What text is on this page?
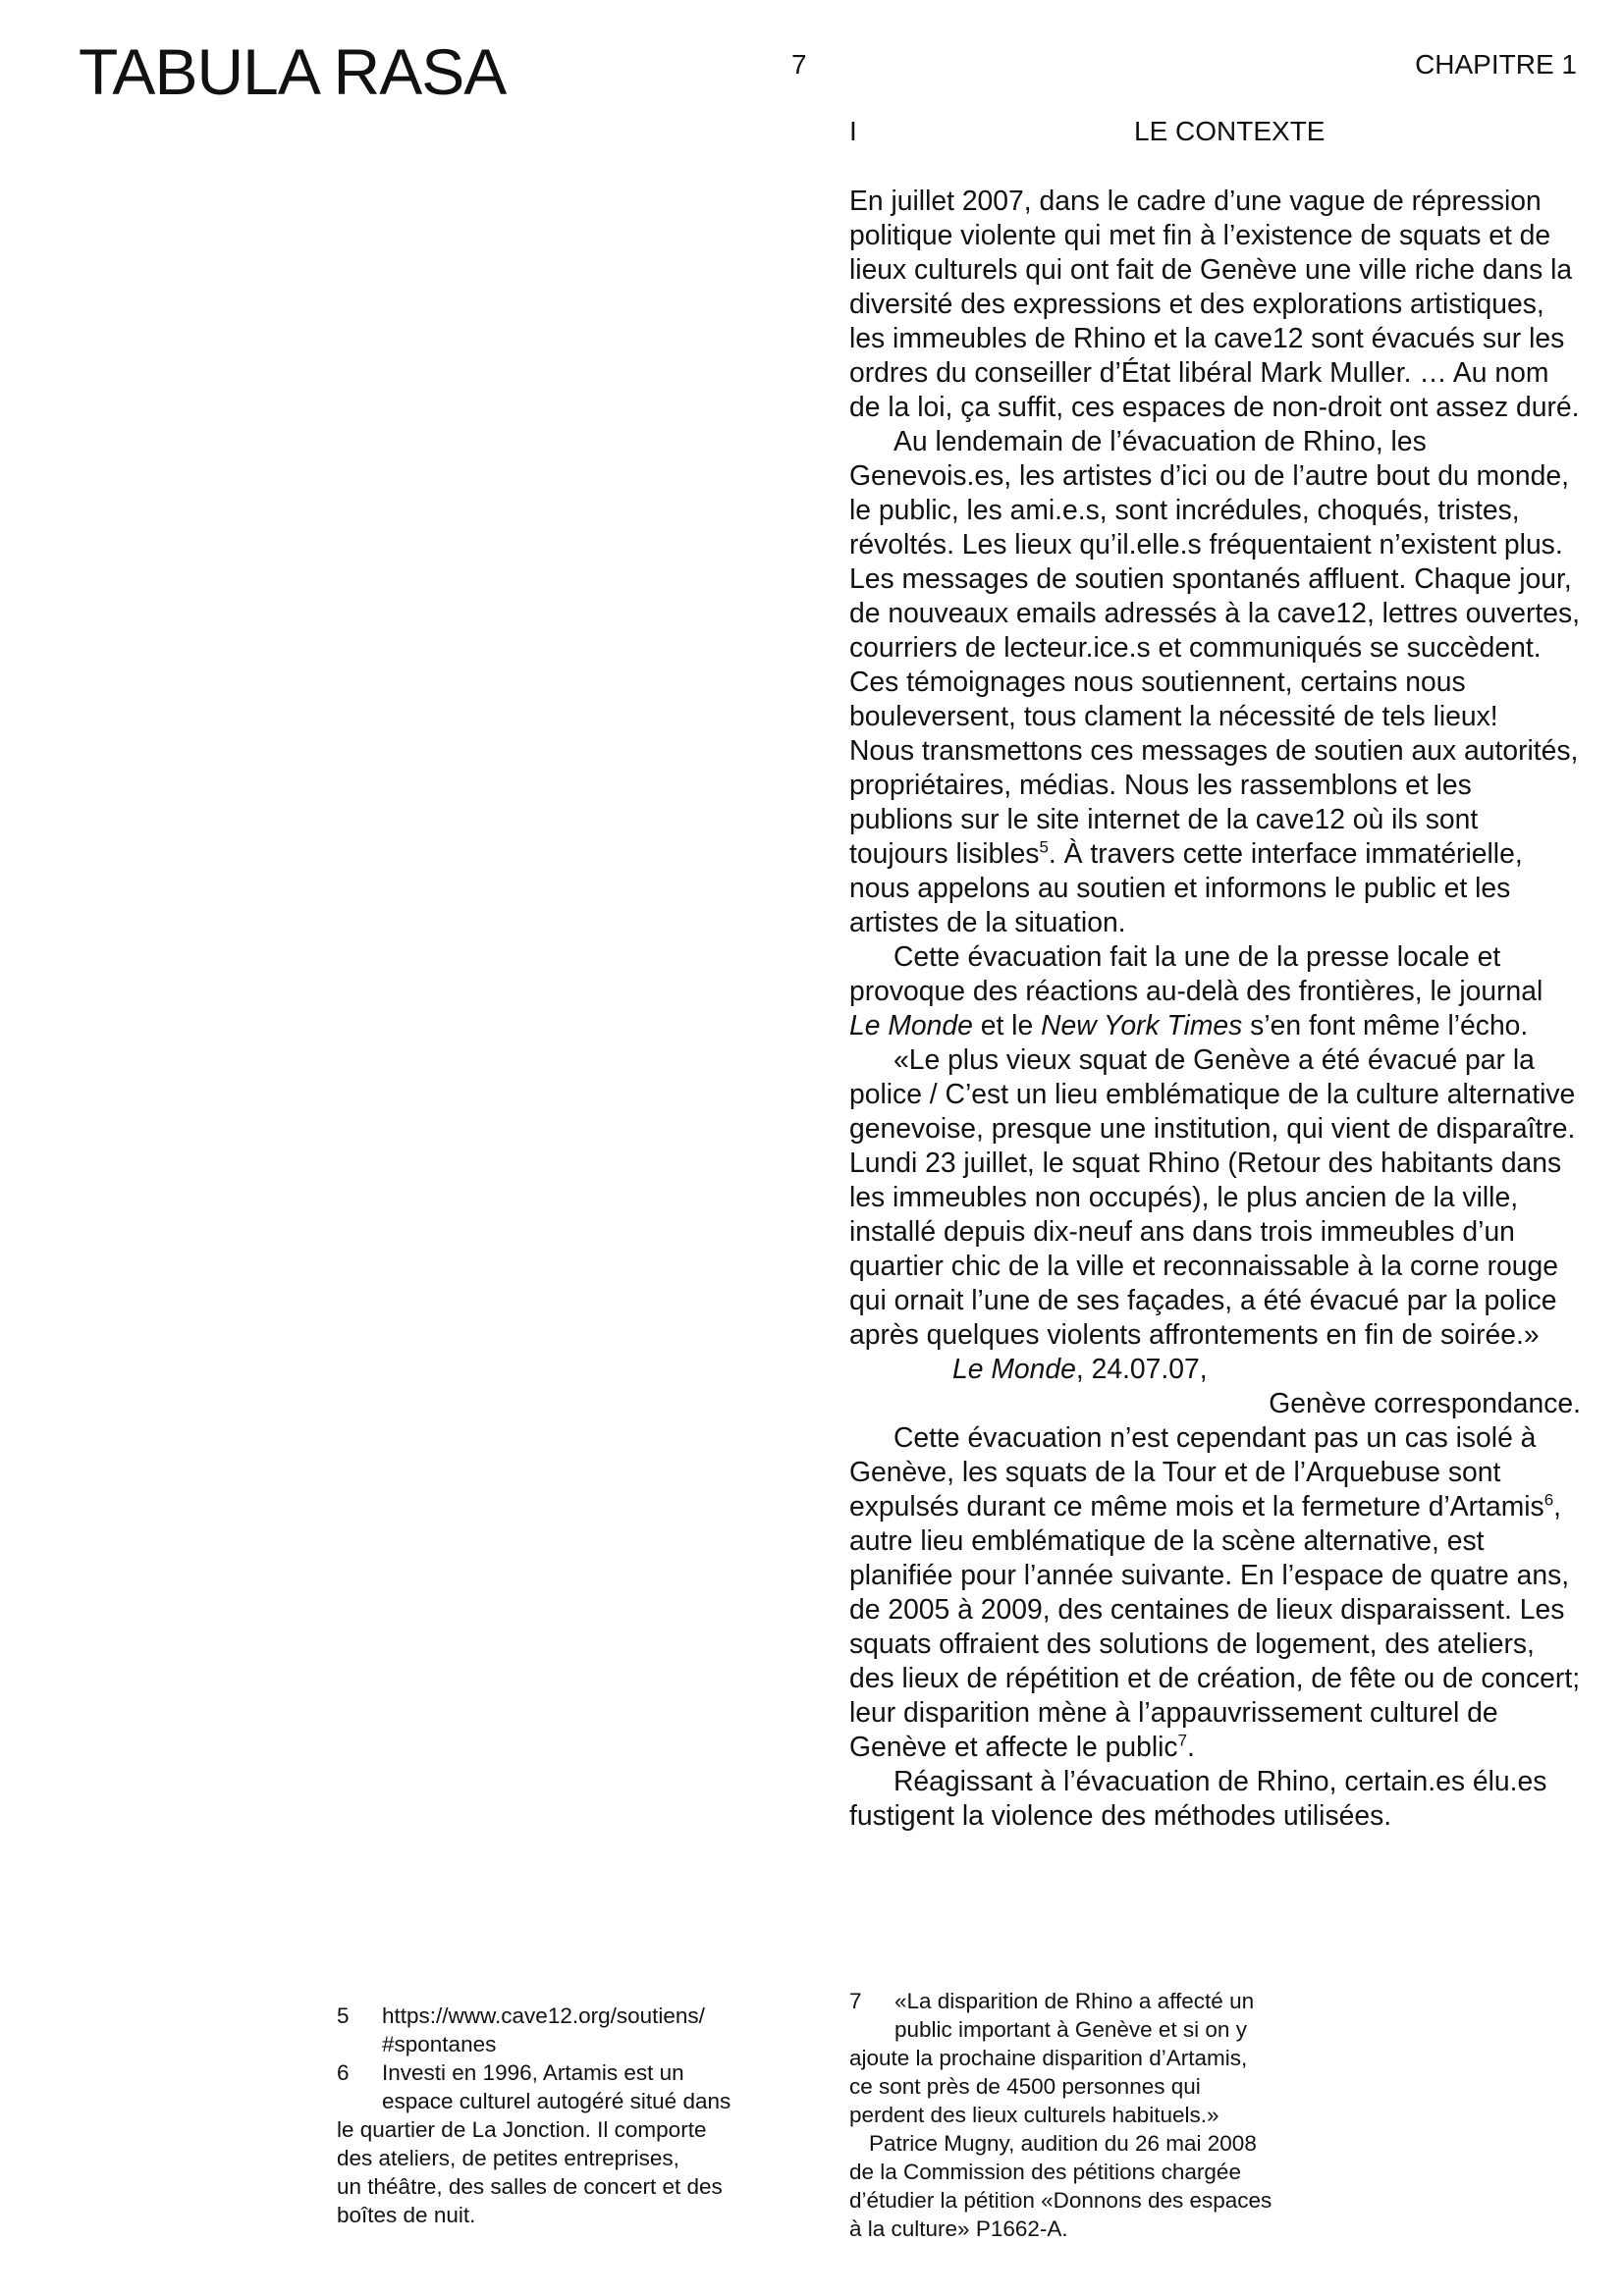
TABULA RASA	7	CHAPITRE 1
I	LE CONTEXTE

En juillet 2007, dans le cadre d’une vague de répression politique violente qui met fin à l’existence de squats et de lieux culturels qui ont fait de Genève une ville riche dans la diversité des expressions et des explorations artistiques, les immeubles de Rhino et la cave12 sont évacués sur les ordres du conseiller d’État libéral Mark Muller. … Au nom de la loi, ça suffit, ces espaces de non-droit ont assez duré.

Au lendemain de l’évacuation de Rhino, les Genevois.es, les artistes d’ici ou de l’autre bout du monde, le public, les ami.e.s, sont incrédules, choqués, tristes, révoltés. Les lieux qu’il.elle.s fréquentaient n’existent plus. Les messages de soutien spontanés affluent. Chaque jour, de nouveaux emails adressés à la cave12, lettres ouvertes, courriers de lecteur.ice.s et communiqués se succèdent. Ces témoignages nous soutiennent, certains nous bouleversent, tous clament la nécessité de tels lieux!

Nous transmettons ces messages de soutien aux autorités, propriétaires, médias. Nous les rassemblons et les publions sur le site internet de la cave12 où ils sont toujours lisibles$^5$. À travers cette interface immatérielle, nous appelons au soutien et informons le public et les artistes de la situation.

Cette évacuation fait la une de la presse locale et provoque des réactions au-delà des frontières, le journal Le Monde et le New York Times s’en font même l’écho.

«Le plus vieux squat de Genève a été évacué par la police / C’est un lieu emblématique de la culture alternative genevoise, presque une institution, qui vient de disparaître. Lundi 23 juillet, le squat Rhino (Retour des habitants dans les immeubles non occupés), le plus ancien de la ville, installé depuis dix-neuf ans dans trois immeubles d’un quartier chic de la ville et reconnaissable à la corne rouge qui ornait l’une de ses façades, a été évacué par la police après quelques violents affrontements en fin de soirée.»Le Monde, 24.07.07,

Genève correspondance.

Cette évacuation n’est cependant pas un cas isolé à Genève, les squats de la Tour et de l’Arquebuse sont expulsés durant ce même mois et la fermeture d’Artamis$^6$, autre lieu emblématique de la scène alternative, est planifiée pour l’année suivante. En l’espace de quatre ans, de 2005 à 2009, des centaines de lieux disparaissent. Les squats offraient des solutions de logement, des ateliers, des lieux de répétition et de création, de fête ou de concert; leur disparition mène à l’appauvrissement culturel de Genève et affecte le public$^7$.

Réagissant à l’évacuation de Rhino, certain.es élu.es fustigent la violence des méthodes utilisées.

5 https://www.cave12.org/soutiens/
#spontanes
6 Investi en 1996, Artamis est un
espace culturel autogéré situé dans
le quartier de La Jonction. Il comporte
des ateliers, de petites entreprises,
un théâtre, des salles de concert et des
boîtes de nuit.
7 «La disparition de Rhino a affecté un
public important à Genève et si on y
ajoute la prochaine disparition d’Artamis,
ce sont près de 4500 personnes qui
perdent des lieux culturels habituels.»
Patrice Mugny, audition du 26 mai 2008
de la Commission des pétitions chargée
d’étudier la pétition «Donnons des espaces
à la culture» P1662-A.
